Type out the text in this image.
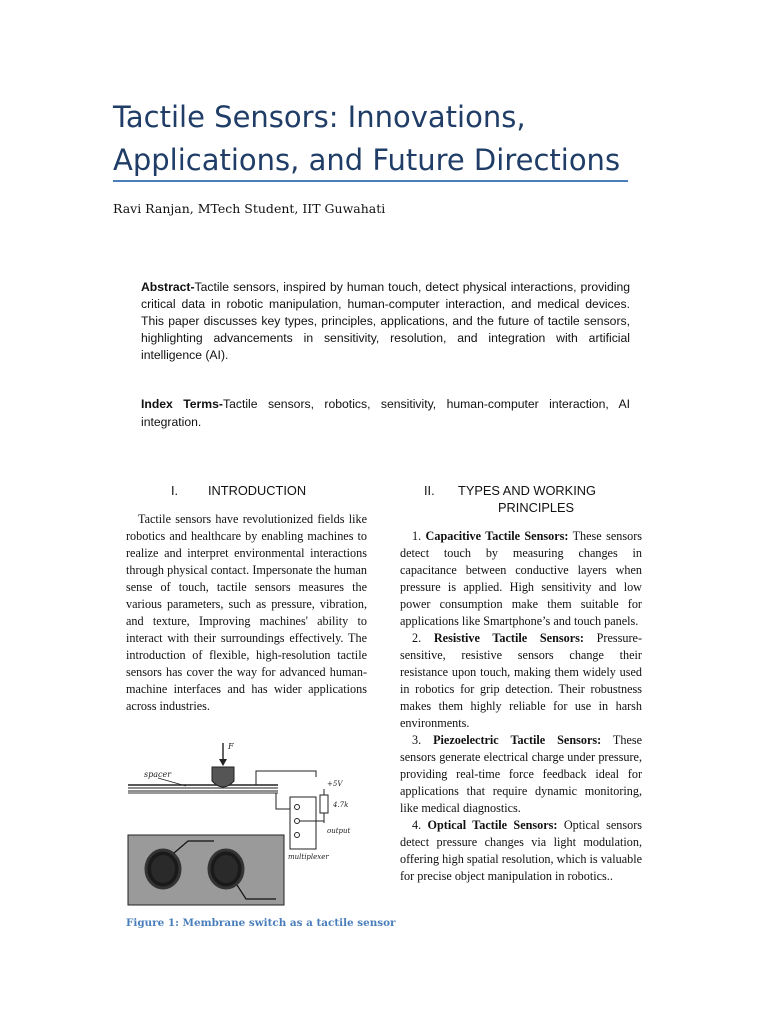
Tactile Sensors: Innovations,
Applications, and Future Directions
Ravi Ranjan, MTech Student, IIT Guwahati

Abstract-Tactile sensors, inspired by human touch, detect physical interactions, providing critical data in robotic manipulation, human-computer interaction, and medical devices. This paper discusses key types, principles, applications, and the future of tactile sensors, highlighting advancements in sensitivity, resolution, and integration with artificial intelligence (AI).

Index Terms-Tactile sensors, robotics, sensitivity, human-computer interaction, AI integration.

I. INTRODUCTION

Tactile sensors have revolutionized fields like robotics and healthcare by enabling machines to realize and interpret environmental interactions through physical contact. Impersonate the human sense of touch, tactile sensors measures the various parameters, such as pressure, vibration, and texture, Improving machines' ability to interact with their surroundings effectively. The introduction of flexible, high-resolution tactile sensors has cover the way for advanced human-machine interfaces and has wider applications across industries.

spacer
F
+5V
4.7k
output
multiplexer
Figure 1: Membrane switch as a tactile sensor
II. TYPES AND WORKING
PRINCIPLES

1. Capacitive Tactile Sensors: These sensors detect touch by measuring changes in capacitance between conductive layers when pressure is applied. High sensitivity and low power consumption make them suitable for applications like Smartphone’s and touch panels.

2. Resistive Tactile Sensors: Pressure-sensitive, resistive sensors change their resistance upon touch, making them widely used in robotics for grip detection. Their robustness makes them highly reliable for use in harsh environments.

3. Piezoelectric Tactile Sensors: These sensors generate electrical charge under pressure, providing real-time force feedback ideal for applications that require dynamic monitoring, like medical diagnostics.

4. Optical Tactile Sensors: Optical sensors detect pressure changes via light modulation, offering high spatial resolution, which is valuable for precise object manipulation in robotics..
